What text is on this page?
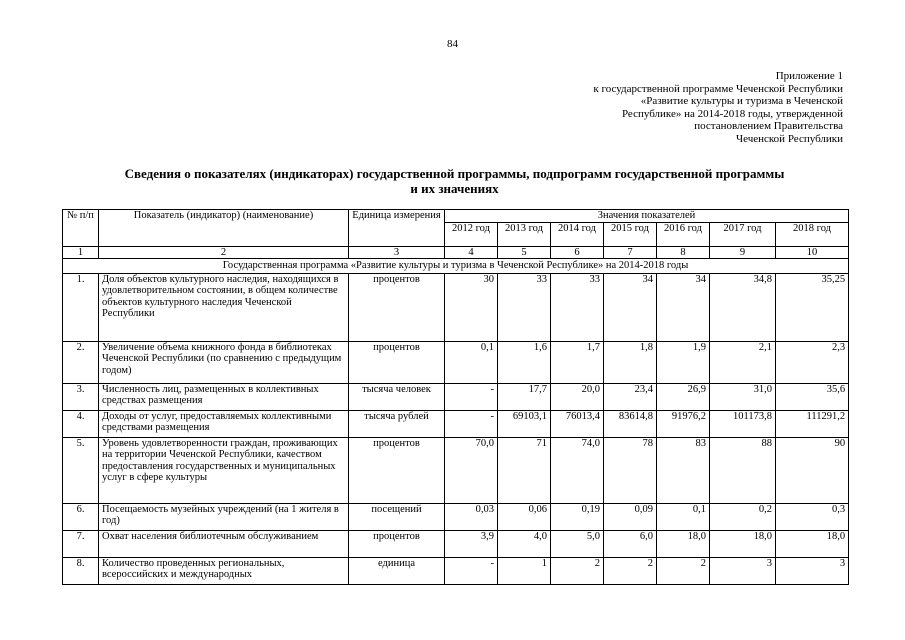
84
Приложение 1
к государственной программе Чеченской Республики
«Развитие культуры и туризма в Чеченской
Республике» на 2014-2018 годы, утвержденной
постановлением Правительства
Чеченской Республики
Сведения о показателях (индикаторах) государственной программы, подпрограмм государственной программы
и их значениях
№ п/п	Показатель (индикатор) (наименование)	Единица измерения	Значения показателей						
			2012 год	2013 год	2014 год	2015 год	2016 год	2017 год	2018 год
1	2	3	4	5	6	7	8	9	10
Государственная программа «Развитие культуры и туризма в Чеченской Республике» на 2014-2018 годы									
1.	Доля объектов культурного наследия, находящихся в удовлетворительном состоянии, в общем количестве объектов культурного наследия Чеченской Республики	процентов	30	33	33	34	34	34,8	35,25
2.	Увеличение объема книжного фонда в библиотеках Чеченской Республики (по сравнению с предыдущим годом)	процентов	0,1	1,6	1,7	1,8	1,9	2,1	2,3
3.	Численность лиц, размещенных в коллективных средствах размещения	тысяча человек	-	17,7	20,0	23,4	26,9	31,0	35,6
4.	Доходы от услуг, предоставляемых коллективными средствами размещения	тысяча рублей	-	69103,1	76013,4	83614,8	91976,2	101173,8	111291,2
5.	Уровень удовлетворенности граждан, проживающих на территории Чеченской Республики, качеством предоставления государственных и муниципальных услуг в сфере культуры	процентов	70,0	71	74,0	78	83	88	90
6.	Посещаемость музейных учреждений (на 1 жителя в год)	посещений	0,03	0,06	0,19	0,09	0,1	0,2	0,3
7.	Охват населения библиотечным обслуживанием	процентов	3,9	4,0	5,0	6,0	18,0	18,0	18,0
8.	Количество проведенных региональных, всероссийских и международных	единица	-	1	2	2	2	3	3
